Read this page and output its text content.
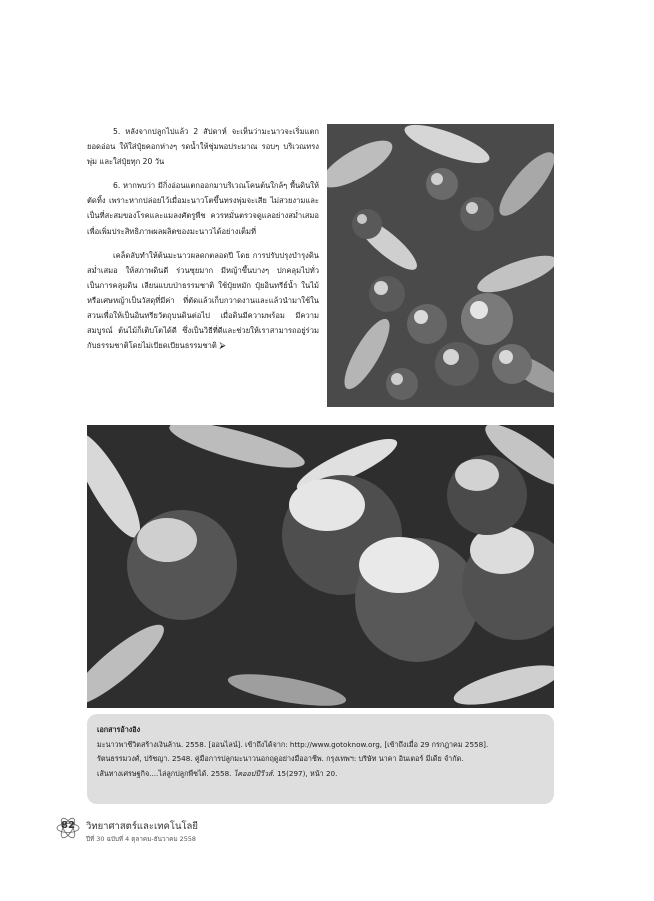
5. หลังจากปลูกไปแล้ว 2 สัปดาห์ จะเห็นว่ามะนาวจะเริ่มแตกยอดอ่อน ให้ใส่ปุ๋ยคอกห่างๆ รดน้ำให้ชุ่มพอประมาณ รอบๆ บริเวณทรงพุ่ม และใส่ปุ๋ยทุก 20 วัน

6. หากพบว่า มีกิ่งอ่อนแตกออกมาบริเวณโคนต้นใกล้ๆ พื้นดินให้ตัดทิ้ง เพราะหากปล่อยไว้เมื่อมะนาวโตขึ้นทรงพุ่มจะเสีย ไม่สวยงามและเป็นที่สะสมของโรคและแมลงศัตรูพืช ควรหมั่นตรวจดูแลอย่างสม่ำเสมอ เพื่อเพิ่มประสิทธิภาพผลผลิตของมะนาวได้อย่างเต็มที่

เคล็ดลับทำให้ต้นมะนาวผลดกตลอดปี โดย การปรับปรุงบำรุงดินสม่ำเสมอ ให้สภาพดินดี ร่วนซุยมาก มีหญ้าขึ้นบางๆ ปกคลุมไปทั่ว เป็นการคลุมดิน เลียนแบบป่าธรรมชาติ ใช้ปุ๋ยหมัก ปุ๋ยอินทรีย์น้ำ ในไม้หรือเศษหญ้าเป็นวัสดุที่มีค่า ที่ตัดแล้วเก็บกวาดงานและแล้วนำมาใช้ในสวนเพื่อให้เป็นอินทรียวัตถุบนดินต่อไป เมื่อดินมีความพร้อม มีความสมบูรณ์ ต้นไม้ก็เติบโตได้ดี ซึ่งเป็นวิธีที่ดีและช่วยให้เราสามารถอยู่ร่วมกับธรรมชาติโดยไม่เบียดเบียนธรรมชาติ ⮚

เอกสารอ้างอิง
มะนาวพาชีวิตสร้างเงินล้าน. 2558. [ออนไลน์]. เข้าถึงได้จาก: http://www.gotoknow.org, [เข้าถึงเมื่อ 29 กรกฎาคม 2558].
รัตนธรรมวงศ์, ปรัชญา. 2548. คู่มือการปลูกมะนาวนอกฤดูอย่างมืออาชีพ. กรุงเทพฯ: บริษัท นาคา อินเตอร์ มีเดีย จำกัด.
เส้นทางเศรษฐกิจ....ไล่ลูกปลูกพืชได้. 2558. ไคออปปีวีวส์. 15(297), หน้า 20.
82	วิทยาศาสตร์และเทคโนโลยี
ปีที่ 30 ฉบับที่ 4 ตุลาคม-ธันวาคม 2558
